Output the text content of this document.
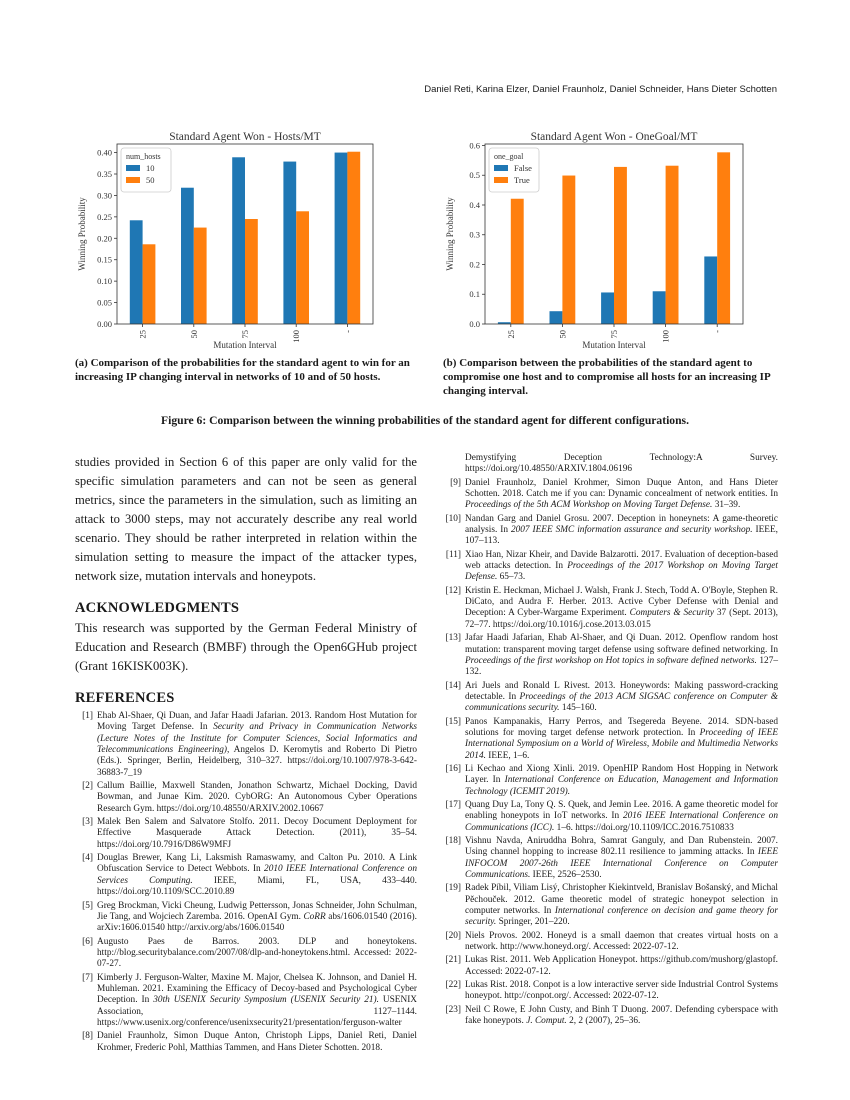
Daniel Reti, Karina Elzer, Daniel Fraunholz, Daniel Schneider, Hans Dieter Schotten
Standard Agent Won - Hosts/MT
0.00
0.05
0.10
0.15
0.20
0.25
0.30
0.35
0.40
25	50	75	100	-
Mutation Interval
Winning Probability
num_hosts
10
50
Standard Agent Won - OneGoal/MT
0.0
0.1
0.2
0.3
0.4
0.5
0.6
25	50	75	100	-
Mutation Interval
Winning Probability
one_goal
False
True
(a) Comparison of the probabilities for the standard agent to win for an increasing IP changing interval in networks of 10 and of 50 hosts.
(b) Comparison between the probabilities of the standard agent to compromise one host and to compromise all hosts for an increasing IP changing interval.
Figure 6: Comparison between the winning probabilities of the standard agent for different configurations.

studies provided in Section 6 of this paper are only valid for the specific simulation parameters and can not be seen as general metrics, since the parameters in the simulation, such as limiting an attack to 3000 steps, may not accurately describe any real world scenario. They should be rather interpreted in relation within the simulation setting to measure the impact of the attacker types, network size, mutation intervals and honeypots.

ACKNOWLEDGMENTS

This research was supported by the German Federal Ministry of Education and Research (BMBF) through the Open6GHub project (Grant 16KISK003K).

REFERENCES
[1] Ehab Al-Shaer, Qi Duan, and Jafar Haadi Jafarian. 2013. Random Host Mutation for Moving Target Defense. In Security and Privacy in Communication Networks (Lecture Notes of the Institute for Computer Sciences, Social Informatics and Telecommunications Engineering), Angelos D. Keromytis and Roberto Di Pietro (Eds.). Springer, Berlin, Heidelberg, 310–327. https://doi.org/10.1007/978-3-642-36883-7_19
[2] Callum Baillie, Maxwell Standen, Jonathon Schwartz, Michael Docking, David Bowman, and Junae Kim. 2020. CybORG: An Autonomous Cyber Operations Research Gym. https://doi.org/10.48550/ARXIV.2002.10667
[3] Malek Ben Salem and Salvatore Stolfo. 2011. Decoy Document Deployment for Effective Masquerade Attack Detection. (2011), 35–54. https://doi.org/10.7916/D86W9MFJ
[4] Douglas Brewer, Kang Li, Laksmish Ramaswamy, and Calton Pu. 2010. A Link Obfuscation Service to Detect Webbots. In 2010 IEEE International Conference on Services Computing. IEEE, Miami, FL, USA, 433–440. https://doi.org/10.1109/SCC.2010.89
[5] Greg Brockman, Vicki Cheung, Ludwig Pettersson, Jonas Schneider, John Schulman, Jie Tang, and Wojciech Zaremba. 2016. OpenAI Gym. CoRR abs/1606.01540 (2016). arXiv:1606.01540 http://arxiv.org/abs/1606.01540
[6] Augusto Paes de Barros. 2003. DLP and honeytokens. http://blog.securitybalance.com/2007/08/dlp-and-honeytokens.html. Accessed: 2022-07-27.
[7] Kimberly J. Ferguson-Walter, Maxine M. Major, Chelsea K. Johnson, and Daniel H. Muhleman. 2021. Examining the Efficacy of Decoy-based and Psychological Cyber Deception. In 30th USENIX Security Symposium (USENIX Security 21). USENIX Association, 1127–1144. https://www.usenix.org/conference/usenixsecurity21/presentation/ferguson-walter
[8] Daniel Fraunholz, Simon Duque Anton, Christoph Lipps, Daniel Reti, Daniel Krohmer, Frederic Pohl, Matthias Tammen, and Hans Dieter Schotten. 2018.
Demystifying Deception Technology:A Survey. https://doi.org/10.48550/ARXIV.1804.06196
[9] Daniel Fraunholz, Daniel Krohmer, Simon Duque Anton, and Hans Dieter Schotten. 2018. Catch me if you can: Dynamic concealment of network entities. In Proceedings of the 5th ACM Workshop on Moving Target Defense. 31–39.
[10] Nandan Garg and Daniel Grosu. 2007. Deception in honeynets: A game-theoretic analysis. In 2007 IEEE SMC information assurance and security workshop. IEEE, 107–113.
[11] Xiao Han, Nizar Kheir, and Davide Balzarotti. 2017. Evaluation of deception-based web attacks detection. In Proceedings of the 2017 Workshop on Moving Target Defense. 65–73.
[12] Kristin E. Heckman, Michael J. Walsh, Frank J. Stech, Todd A. O'Boyle, Stephen R. DiCato, and Audra F. Herber. 2013. Active Cyber Defense with Denial and Deception: A Cyber-Wargame Experiment. Computers & Security 37 (Sept. 2013), 72–77. https://doi.org/10.1016/j.cose.2013.03.015
[13] Jafar Haadi Jafarian, Ehab Al-Shaer, and Qi Duan. 2012. Openflow random host mutation: transparent moving target defense using software defined networking. In Proceedings of the first workshop on Hot topics in software defined networks. 127–132.
[14] Ari Juels and Ronald L Rivest. 2013. Honeywords: Making password-cracking detectable. In Proceedings of the 2013 ACM SIGSAC conference on Computer & communications security. 145–160.
[15] Panos Kampanakis, Harry Perros, and Tsegereda Beyene. 2014. SDN-based solutions for moving target defense network protection. In Proceeding of IEEE International Symposium on a World of Wireless, Mobile and Multimedia Networks 2014. IEEE, 1–6.
[16] Li Kechao and Xiong Xinli. 2019. OpenHIP Random Host Hopping in Network Layer. In International Conference on Education, Management and Information Technology (ICEMIT 2019).
[17] Quang Duy La, Tony Q. S. Quek, and Jemin Lee. 2016. A game theoretic model for enabling honeypots in IoT networks. In 2016 IEEE International Conference on Communications (ICC). 1–6. https://doi.org/10.1109/ICC.2016.7510833
[18] Vishnu Navda, Aniruddha Bohra, Samrat Ganguly, and Dan Rubenstein. 2007. Using channel hopping to increase 802.11 resilience to jamming attacks. In IEEE INFOCOM 2007-26th IEEE International Conference on Computer Communications. IEEE, 2526–2530.
[19] Radek Píbil, Viliam Lisý, Christopher Kiekintveld, Branislav Bošanský, and Michal Pěchouček. 2012. Game theoretic model of strategic honeypot selection in computer networks. In International conference on decision and game theory for security. Springer, 201–220.
[20] Niels Provos. 2002. Honeyd is a small daemon that creates virtual hosts on a network. http://www.honeyd.org/. Accessed: 2022-07-12.
[21] Lukas Rist. 2011. Web Application Honeypot. https://github.com/mushorg/glastopf. Accessed: 2022-07-12.
[22] Lukas Rist. 2018. Conpot is a low interactive server side Industrial Control Systems honeypot. http://conpot.org/. Accessed: 2022-07-12.
[23] Neil C Rowe, E John Custy, and Binh T Duong. 2007. Defending cyberspace with fake honeypots. J. Comput. 2, 2 (2007), 25–36.
